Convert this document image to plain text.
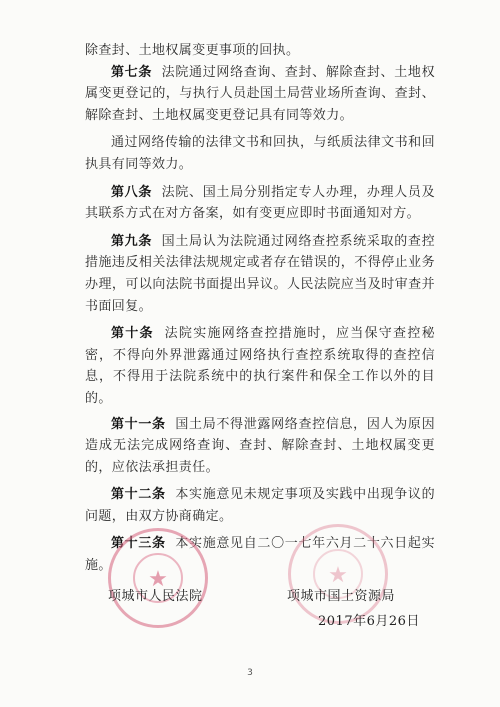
除查封、土地权属变更事项的回执。

第七条 法院通过网络查询、查封、解除查封、土地权属变更登记的，与执行人员赴国土局营业场所查询、查封、解除查封、土地权属变更登记具有同等效力。

通过网络传输的法律文书和回执，与纸质法律文书和回执具有同等效力。

第八条 法院、国土局分别指定专人办理，办理人员及其联系方式在对方备案，如有变更应即时书面通知对方。

第九条 国土局认为法院通过网络查控系统采取的查控措施违反相关法律法规规定或者存在错误的，不得停止业务办理，可以向法院书面提出异议。人民法院应当及时审查并书面回复。

第十条 法院实施网络查控措施时，应当保守查控秘密，不得向外界泄露通过网络执行查控系统取得的查控信息，不得用于法院系统中的执行案件和保全工作以外的目的。

第十一条 国土局不得泄露网络查控信息，因人为原因造成无法完成网络查询、查封、解除查封、土地权属变更的，应依法承担责任。

第十二条 本实施意见未规定事项及实践中出现争议的问题，由双方协商确定。

第十三条 本实施意见自二〇一七年六月二十六日起实施。

★	★
项城市人民法院	项城市国土资源局
2017年6月26日
3
